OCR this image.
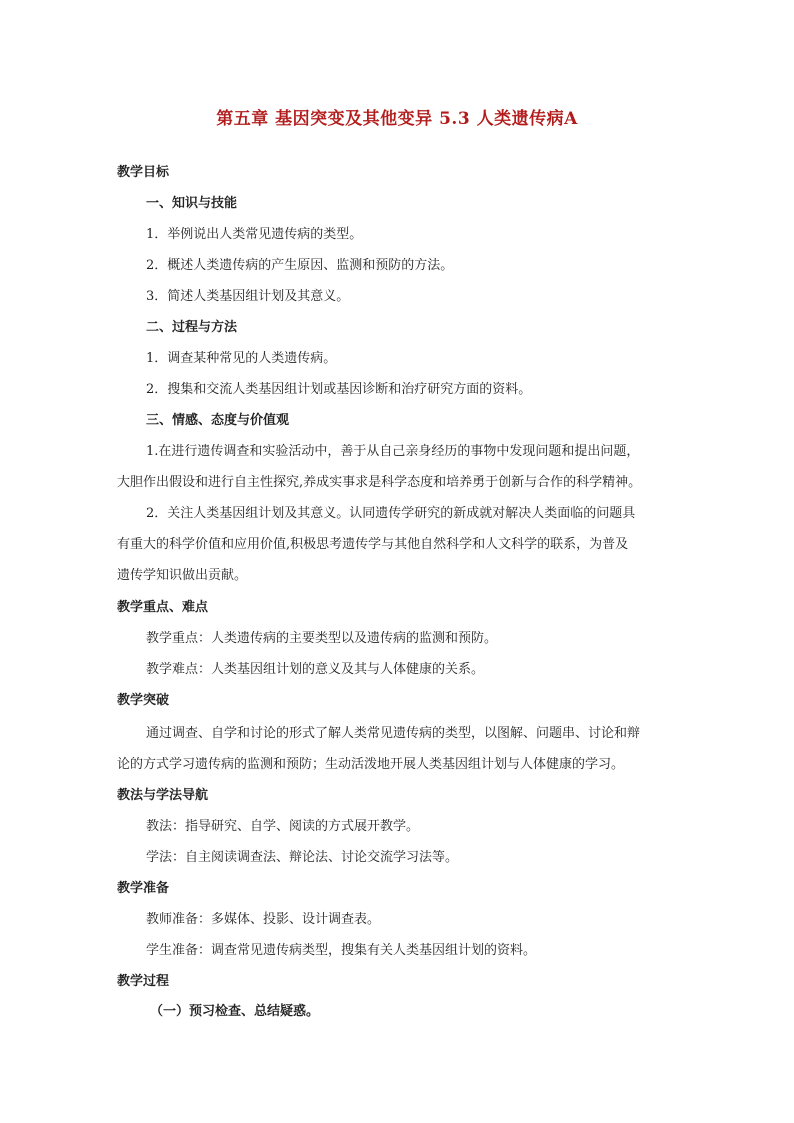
第五章 基因突变及其他变异 5.3 人类遗传病A
教学目标
一、知识与技能
1．举例说出人类常见遗传病的类型。
2．概述人类遗传病的产生原因、监测和预防的方法。
3．简述人类基因组计划及其意义。
二、过程与方法
1．调查某种常见的人类遗传病。
2．搜集和交流人类基因组计划或基因诊断和治疗研究方面的资料。
三、情感、态度与价值观
1.在进行遗传调查和实验活动中，善于从自己亲身经历的事物中发现问题和提出问题，
大胆作出假设和进行自主性探究,养成实事求是科学态度和培养勇于创新与合作的科学精神。
2．关注人类基因组计划及其意义。认同遗传学研究的新成就对解决人类面临的问题具
有重大的科学价值和应用价值,积极思考遗传学与其他自然科学和人文科学的联系，为普及
遗传学知识做出贡献。
教学重点、难点
教学重点：人类遗传病的主要类型以及遗传病的监测和预防。
教学难点：人类基因组计划的意义及其与人体健康的关系。
教学突破
通过调查、自学和讨论的形式了解人类常见遗传病的类型，以图解、问题串、讨论和辩
论的方式学习遗传病的监测和预防；生动活泼地开展人类基因组计划与人体健康的学习。
教法与学法导航
教法：指导研究、自学、阅读的方式展开教学。
学法：自主阅读调查法、辩论法、讨论交流学习法等。
教学准备
教师准备：多媒体、投影、设计调查表。
学生准备：调查常见遗传病类型，搜集有关人类基因组计划的资料。
教学过程
（一）预习检查、总结疑惑。
